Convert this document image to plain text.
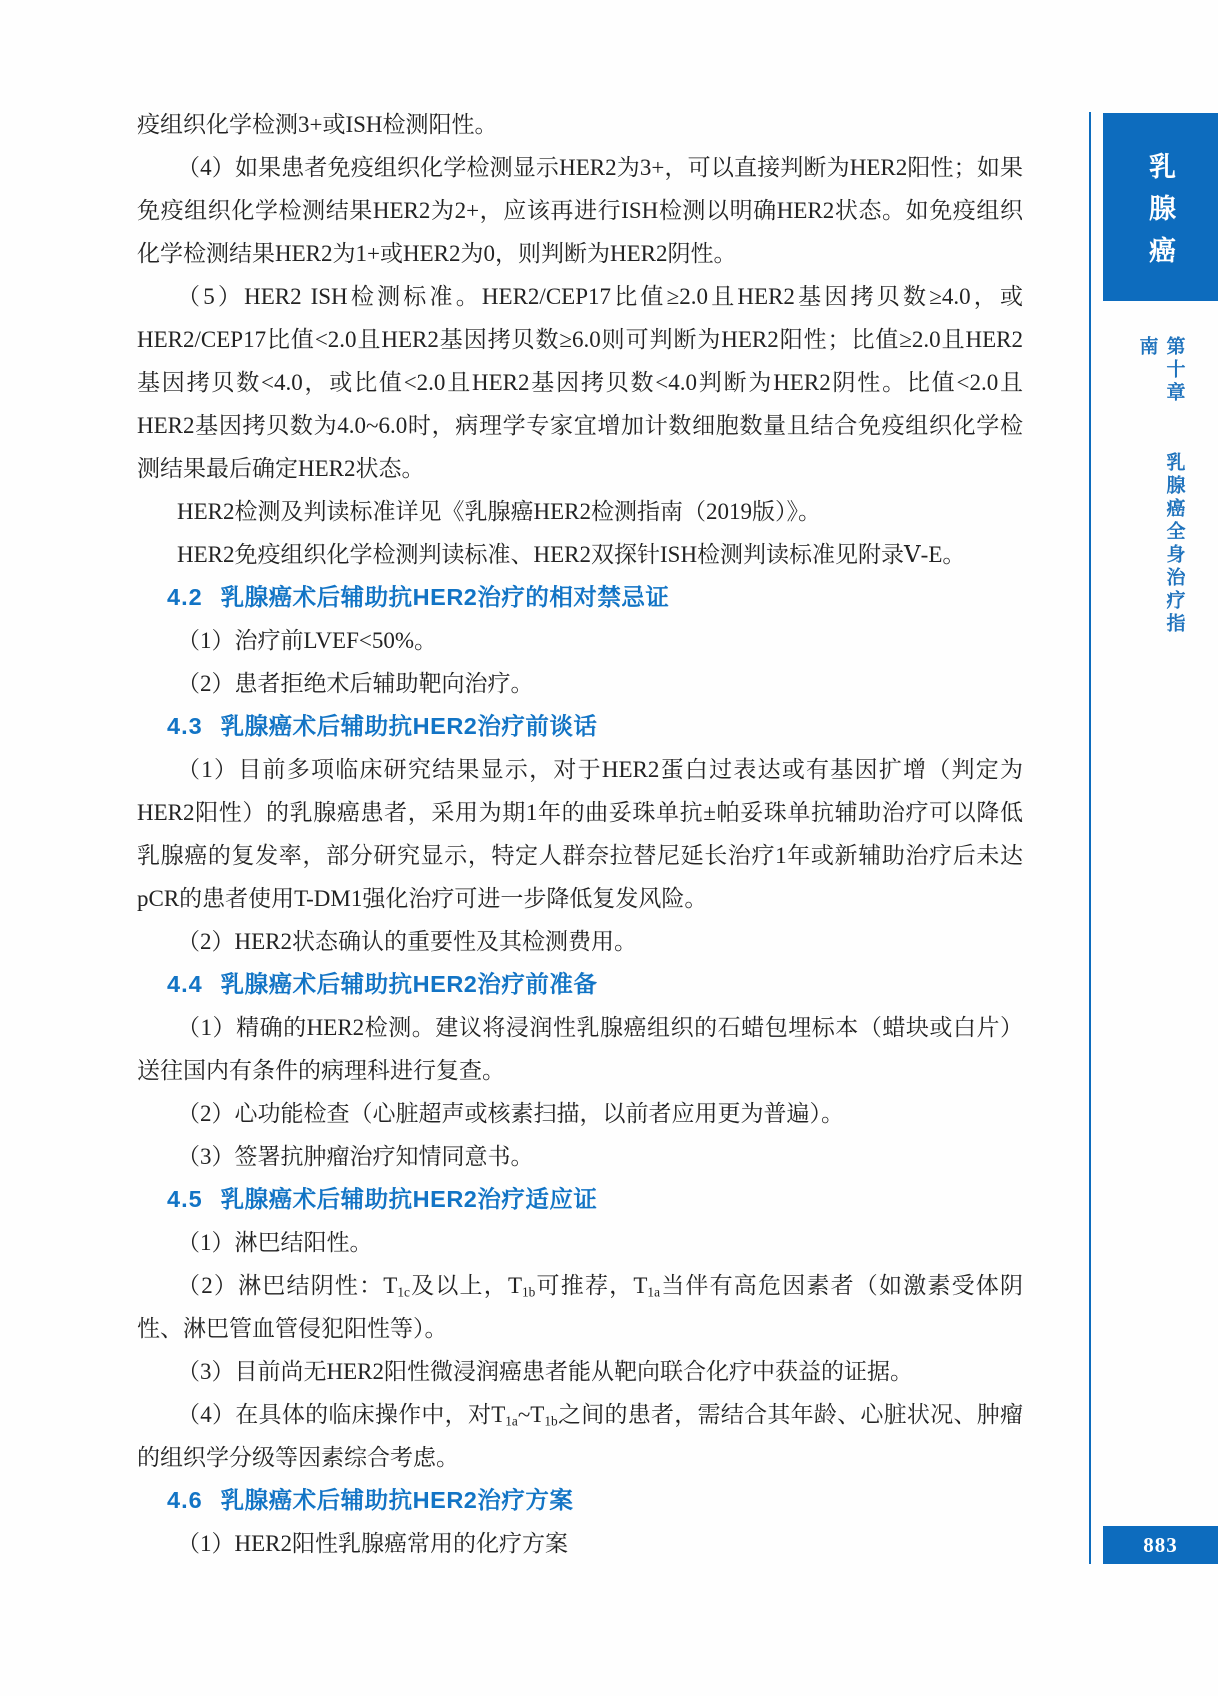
疫组织化学检测3+或ISH检测阳性。

（4）如果患者免疫组织化学检测显示HER2为3+，可以直接判断为HER2阳性；如果免疫组织化学检测结果HER2为2+，应该再进行ISH检测以明确HER2状态。如免疫组织化学检测结果HER2为1+或HER2为0，则判断为HER2阴性。

（5）HER2 ISH检测标准。HER2/CEP17比值≥2.0且HER2基因拷贝数≥4.0，或HER2/CEP17比值<2.0且HER2基因拷贝数≥6.0则可判断为HER2阳性；比值≥2.0且HER2基因拷贝数<4.0，或比值<2.0且HER2基因拷贝数<4.0判断为HER2阴性。比值<2.0且HER2基因拷贝数为4.0~6.0时，病理学专家宜增加计数细胞数量且结合免疫组织化学检测结果最后确定HER2状态。

HER2检测及判读标准详见《乳腺癌HER2检测指南（2019版）》。

HER2免疫组织化学检测判读标准、HER2双探针ISH检测判读标准见附录Ⅴ-E。

4.2 乳腺癌术后辅助抗HER2治疗的相对禁忌证

（1）治疗前LVEF<50%。

（2）患者拒绝术后辅助靶向治疗。

4.3 乳腺癌术后辅助抗HER2治疗前谈话

（1）目前多项临床研究结果显示，对于HER2蛋白过表达或有基因扩增（判定为HER2阳性）的乳腺癌患者，采用为期1年的曲妥珠单抗±帕妥珠单抗辅助治疗可以降低乳腺癌的复发率，部分研究显示，特定人群奈拉替尼延长治疗1年或新辅助治疗后未达pCR的患者使用T-DM1强化治疗可进一步降低复发风险。

（2）HER2状态确认的重要性及其检测费用。

4.4 乳腺癌术后辅助抗HER2治疗前准备

（1）精确的HER2检测。建议将浸润性乳腺癌组织的石蜡包埋标本（蜡块或白片）送往国内有条件的病理科进行复查。

（2）心功能检查（心脏超声或核素扫描，以前者应用更为普遍）。

（3）签署抗肿瘤治疗知情同意书。

4.5 乳腺癌术后辅助抗HER2治疗适应证

（1）淋巴结阳性。

（2）淋巴结阴性：$T_{1c}$及以上，$T_{1b}$可推荐，$T_{1a}$当伴有高危因素者（如激素受体阴性、淋巴管血管侵犯阳性等）。

（3）目前尚无HER2阳性微浸润癌患者能从靶向联合化疗中获益的证据。

（4）在具体的临床操作中，对$T_{1a}\sim T_{1b}$之间的患者，需结合其年龄、心脏状况、肿瘤的组织学分级等因素综合考虑。

4.6 乳腺癌术后辅助抗HER2治疗方案

（1）HER2阳性乳腺癌常用的化疗方案

乳腺癌
第十章 乳腺癌全身治疗指南
883
